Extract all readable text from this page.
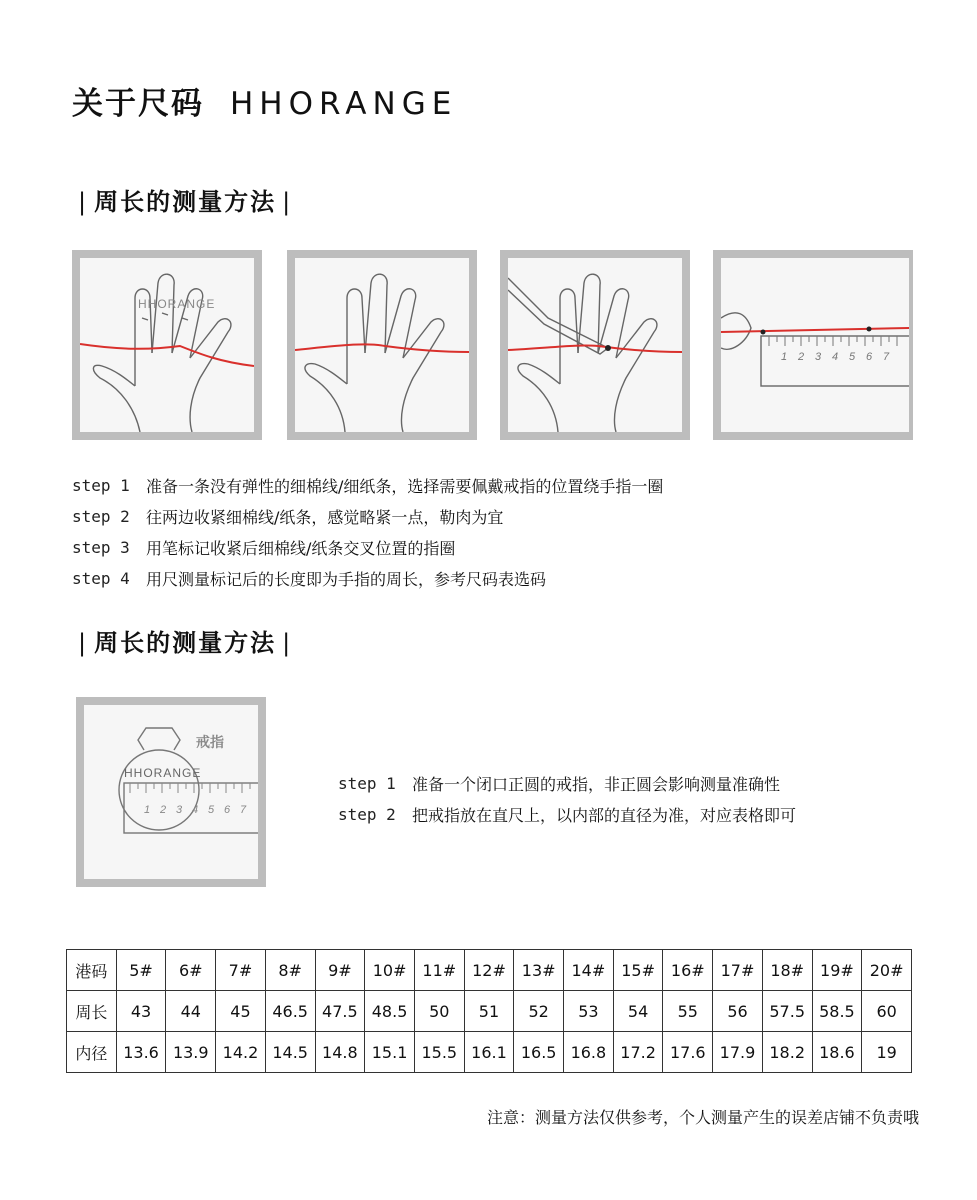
关于尺码 HHORANGE
| 周长的测量方法 |
HHORANGE
1 2 3 4 5 6 7
step 1	准备一条没有弹性的细棉线/细纸条，选择需要佩戴戒指的位置绕手指一圈
step 2	往两边收紧细棉线/纸条，感觉略紧一点，勒肉为宜
step 3	用笔标记收紧后细棉线/纸条交叉位置的指圈
step 4	用尺测量标记后的长度即为手指的周长，参考尺码表选码
| 周长的测量方法 |
戒指
HHORANGE
1 2 3 4 5 6 7
step 1	准备一个闭口正圆的戒指，非正圆会影响测量准确性
step 2	把戒指放在直尺上，以内部的直径为准，对应表格即可
港码	5#	6#	7#	8#	9#	10#	11#	12#	13#	14#	15#	16#	17#	18#	19#	20#
周长	43	44	45	46.5	47.5	48.5	50	51	52	53	54	55	56	57.5	58.5	60
内径	13.6	13.9	14.2	14.5	14.8	15.1	15.5	16.1	16.5	16.8	17.2	17.6	17.9	18.2	18.6	19

注意：测量方法仅供参考，个人测量产生的误差店铺不负责哦
